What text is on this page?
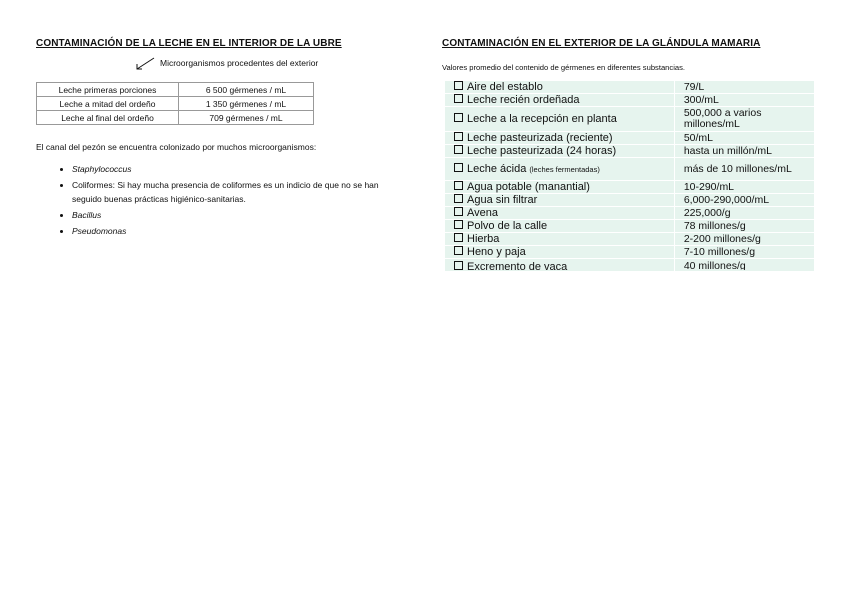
CONTAMINACIÓN DE LA LECHE EN EL INTERIOR DE LA UBRE
Microorganismos procedentes del exterior
Leche primeras porciones	6 500 gérmenes / mL
Leche a mitad del ordeño	1 350 gérmenes / mL
Leche al final del ordeño	709 gérmenes / mL
El canal del pezón se encuentra colonizado por muchos microorganismos:
• Staphylococcus
• Coliformes: Si hay mucha presencia de coliformes es un indicio de que no se han seguido buenas prácticas higiénico-sanitarias.
• Bacillus
• Pseudomonas
CONTAMINACIÓN EN EL EXTERIOR DE LA GLÁNDULA MAMARIA
Valores promedio del contenido de gérmenes en diferentes substancias.
Aire del establo	79/L
Leche recién ordeñada	300/mL
Leche a la recepción en planta	500,000 a varios millones/mL
Leche pasteurizada (reciente)	50/mL
Leche pasteurizada (24 horas)	hasta un millón/mL
Leche ácida (leches fermentadas)	más de 10 millones/mL
Agua potable (manantial)	10-290/mL
Agua sin filtrar	6,000-290,000/mL
Avena	225,000/g
Polvo de la calle	78 millones/g
Hierba	2-200 millones/g
Heno y paja	7-10 millones/g

Excremento de vaca	40 millones/g
